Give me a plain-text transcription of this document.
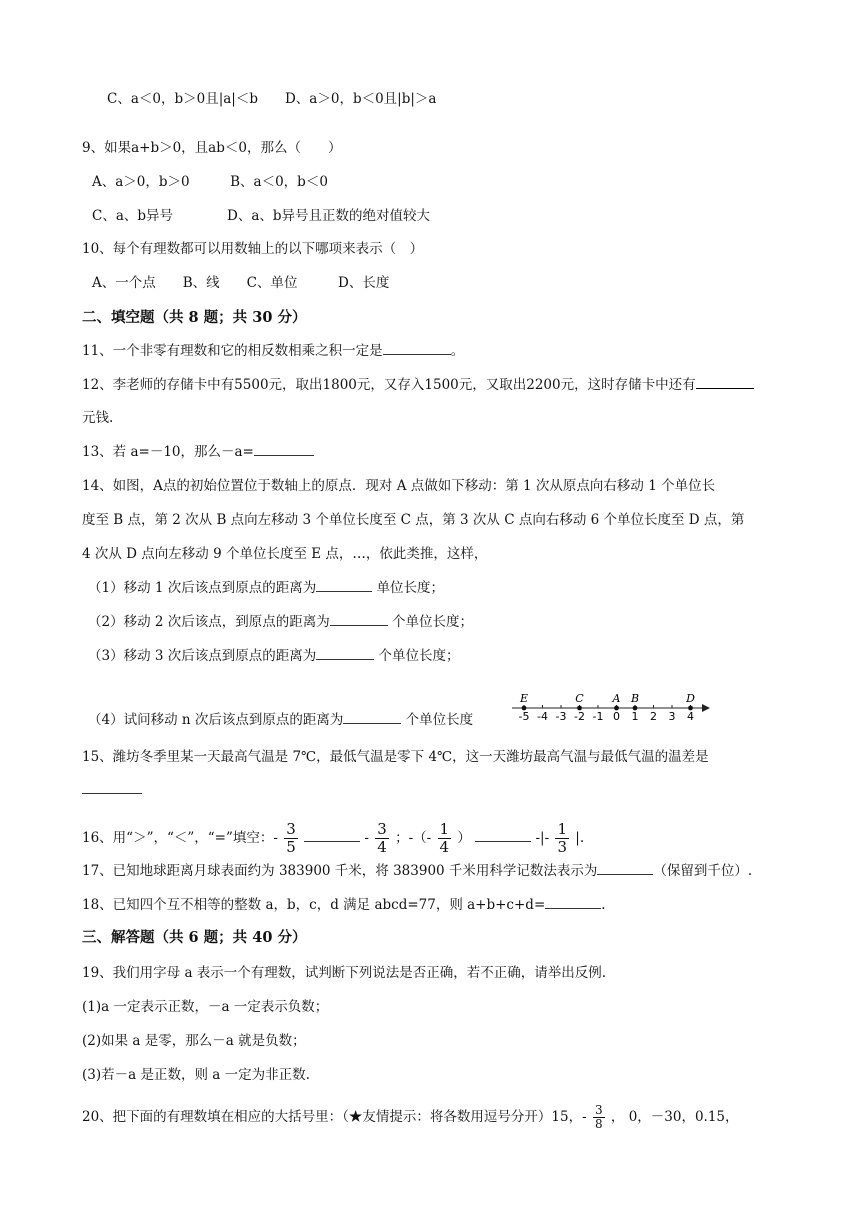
C、a＜0，b＞0且|a|＜b　　D、a＞0，b＜0且|b|＞a
9、如果a+b＞0，且ab＜0，那么（　　）
A、a＞0，b＞0　　　B、a＜0，b＜0
C、a、b异号　　　　D、a、b异号且正数的绝对值较大
10、每个有理数都可以用数轴上的以下哪项来表示（　）
A、一个点　　B、线　　C、单位　　　D、长度
二、填空题（共 8 题；共 30 分）
11、一个非零有理数和它的相反数相乘之积一定是	。
12、李老师的存储卡中有5500元，取出1800元，又存入1500元，又取出2200元，这时存储卡中还有
元钱.
13、若 a=－10，那么－a=
14、如图，A点的初始位置位于数轴上的原点．现对 A 点做如下移动：第 1 次从原点向右移动 1 个单位长
度至 B 点，第 2 次从 B 点向左移动 3 个单位长度至 C 点，第 3 次从 C 点向右移动 6 个单位长度至 D 点，第
4 次从 D 点向左移动 9 个单位长度至 E 点，…，依此类推，这样，
（1）移动 1 次后该点到原点的距离为	单位长度；
（2）移动 2 次后该点，到原点的距离为	个单位长度；
（3）移动 3 次后该点到原点的距离为	个单位长度；
（4）试问移动 n 次后该点到原点的距离为	个单位长度	-5 -4 -3 -2 -1 0 1 2 3 4
E	C	A B	D
15、潍坊冬季里某一天最高气温是 7℃，最低气温是零下 4℃，这一天潍坊最高气温与最低气温的温差是
16、用“＞”，“＜”，“=”填空：- $\frac{3}{5}$	- $\frac{3}{4}$ ；-（- $\frac{1}{4}$ ）	-|- $\frac{1}{3}$ |.
17、已知地球距离月球表面约为 383900 千米，将 383900 千米用科学记数法表示为	（保留到千位）.
18、已知四个互不相等的整数 a，b，c，d 满足 abcd=77，则 a+b+c+d=	.
三、解答题（共 6 题；共 40 分）
19、我们用字母 a 表示一个有理数，试判断下列说法是否正确，若不正确，请举出反例.
(1)a 一定表示正数，－a 一定表示负数；
(2)如果 a 是零，那么－a 就是负数；
(3)若－a 是正数，则 a 一定为非正数.
20、把下面的有理数填在相应的大括号里：（★友情提示：将各数用逗号分开）15，- $\frac{3}{8}$ ， 0，－30，0.15，
